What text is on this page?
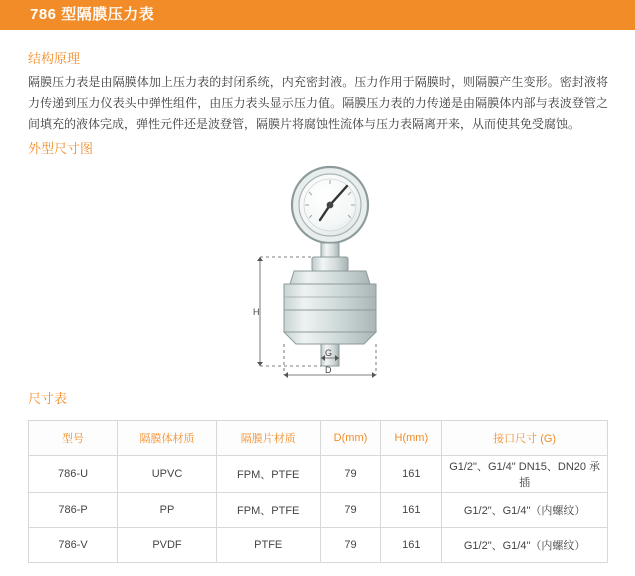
786 型隔膜压力表
结构原理
隔膜压力表是由隔膜体加上压力表的封闭系统，内充密封液。压力作用于隔膜时，则隔膜产生变形。密封液将力传递到压力仪表头中弹性组件，由压力表头显示压力值。隔膜压力表的力传递是由隔膜体内部与表波登管之间填充的液体完成，弹性元件还是波登管，隔膜片将腐蚀性流体与压力表隔离开来，从而使其免受腐蚀。
外型尺寸图
H
G
D
尺寸表
型号	隔膜体材质	隔膜片材质	D(mm)	H(mm)	接口尺寸 (G)
786-U	UPVC	FPM、PTFE	79	161	G1/2"、G1/4" DN15、DN20 承插
786-P	PP	FPM、PTFE	79	161	G1/2"、G1/4"（内螺纹）
786-V	PVDF	PTFE	79	161	G1/2"、G1/4"（内螺纹）
